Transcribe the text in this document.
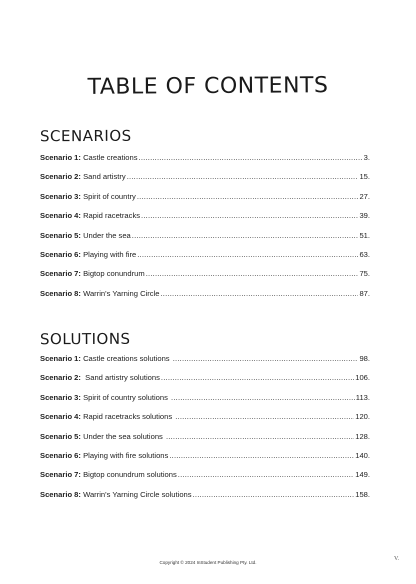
TABLE OF CONTENTS
SCENARIOS
Scenario 1: Castle creations .....	3.
Scenario 2: Sand artistry .....	15.
Scenario 3: Spirit of country .....	27.
Scenario 4: Rapid racetracks .....	39.
Scenario 5: Under the sea .....	51.
Scenario 6: Playing with fire .....	63.
Scenario 7: Bigtop conundrum .....	75.
Scenario 8: Warrin's Yarning Circle .....	87.
SOLUTIONS
Scenario 1: Castle creations solutions .....	98.
Scenario 2: Sand artistry solutions .....	106.
Scenario 3: Spirit of country solutions .....	113.
Scenario 4: Rapid racetracks solutions .....	120.
Scenario 5: Under the sea solutions .....	128.
Scenario 6: Playing with fire solutions .....	140.
Scenario 7: Bigtop conundrum solutions .....	149.
Scenario 8: Warrin's Yarning Circle solutions .....	158.
Copyright © 2024 InStudent Publishing Pty. Ltd.
V.
